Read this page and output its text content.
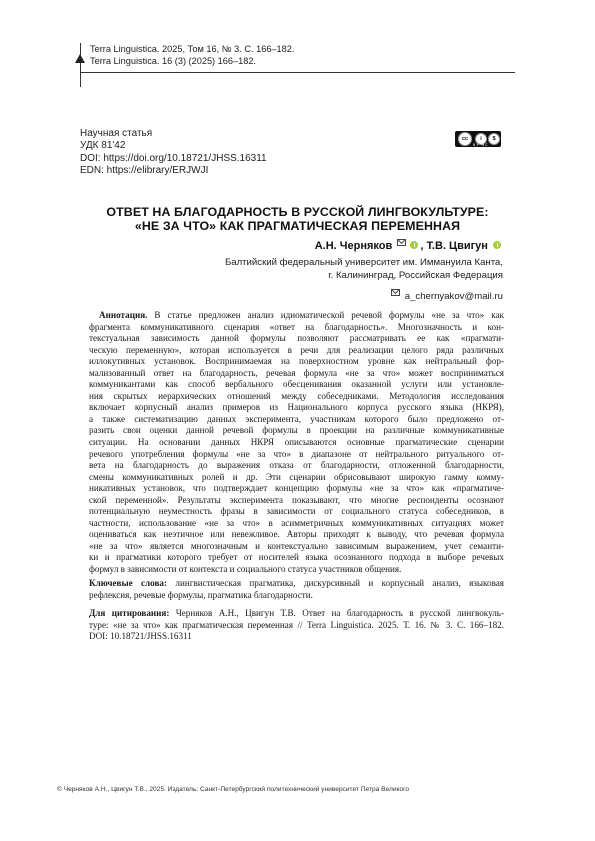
Terra Linguistica. 2025, Том 16, № 3. С. 166–182.
Terra Linguistica. 16 (3) (2025) 166–182.
Научная статья
УДК 81'42
DOI: https://doi.org/10.18721/JHSS.16311
EDN: https://elibrary/ERJWJI
cc	i	$
BY NC
ОТВЕТ НА БЛАГОДАРНОСТЬ В РУССКОЙ ЛИНГВОКУЛЬТУРЕ:
«НЕ ЗА ЧТО» КАК ПРАГМАТИЧЕСКАЯ ПЕРЕМЕННАЯ
А.Н. Черняков	, Т.В. Цвигун
Балтийский федеральный университет им. Иммануила Канта,
г. Калининград, Российская Федерация
a_chernyakov@mail.ru
Аннотация. В статье предложен анализ идиоматической речевой формулы «не за что» как
фрагмента коммуникативного сценария «ответ на благодарность». Многозначность и кон-
текстуальная зависимость данной формулы позволяют рассматривать ее как «прагмати-
ческую переменную», которая используется в речи для реализации целого ряда различных
иллокутивных установок. Воспринимаемая на поверхностном уровне как нейтральный фор-
мализованный ответ на благодарность, речевая формула «не за что» может восприниматься
коммуникантами как способ вербального обесценивания оказанной услуги или установле-
ния скрытых иерархических отношений между собеседниками. Методология исследования
включает корпусный анализ примеров из Национального корпуса русского языка (НКРЯ),
а также систематизацию данных эксперимента, участникам которого было предложено от-
разить свои оценки данной речевой формулы в проекции на различные коммуникативные
ситуации. На основании данных НКРЯ описываются основные прагматические сценарии
речевого употребления формулы «не за что» в диапазоне от нейтрального ритуального от-
вета на благодарность до выражения отказа от благодарности, отложенной благодарности,
смены коммуникативных ролей и др. Эти сценарии обрисовывают широкую гамму комму-
никативных установок, что подтверждает концепцию формулы «не за что» как «прагматиче-
ской переменной». Результаты эксперимента показывают, что многие респонденты осознают
потенциальную неуместность фразы в зависимости от социального статуса собеседников, в
частности, использование «не за что» в асимметричных коммуникативных ситуациях может
оцениваться как неэтичное или невежливое. Авторы приходят к выводу, что речевая формула
«не за что» является многозначным и контекстуально зависимым выражением, учет семанти-
ки и прагматики которого требует от носителей языка осознанного подхода в выборе речевых
формул в зависимости от контекста и социального статуса участников общения.
Ключевые слова: лингвистическая прагматика, дискурсивный и корпусный анализ, языковая
рефлексия, речевые формулы, прагматика благодарности.
Для цитирования: Черняков А.Н., Цвигун Т.В. Ответ на благодарность в русской лингвокуль-
туре: «не за что» как прагматическая переменная // Terra Linguistica. 2025. Т. 16. № 3. С. 166–182.
DOI: 10.18721/JHSS.16311
© Черняков А.Н., Цвигун Т.В., 2025. Издатель: Санкт-Петербургский политехнический университет Петра Великого
